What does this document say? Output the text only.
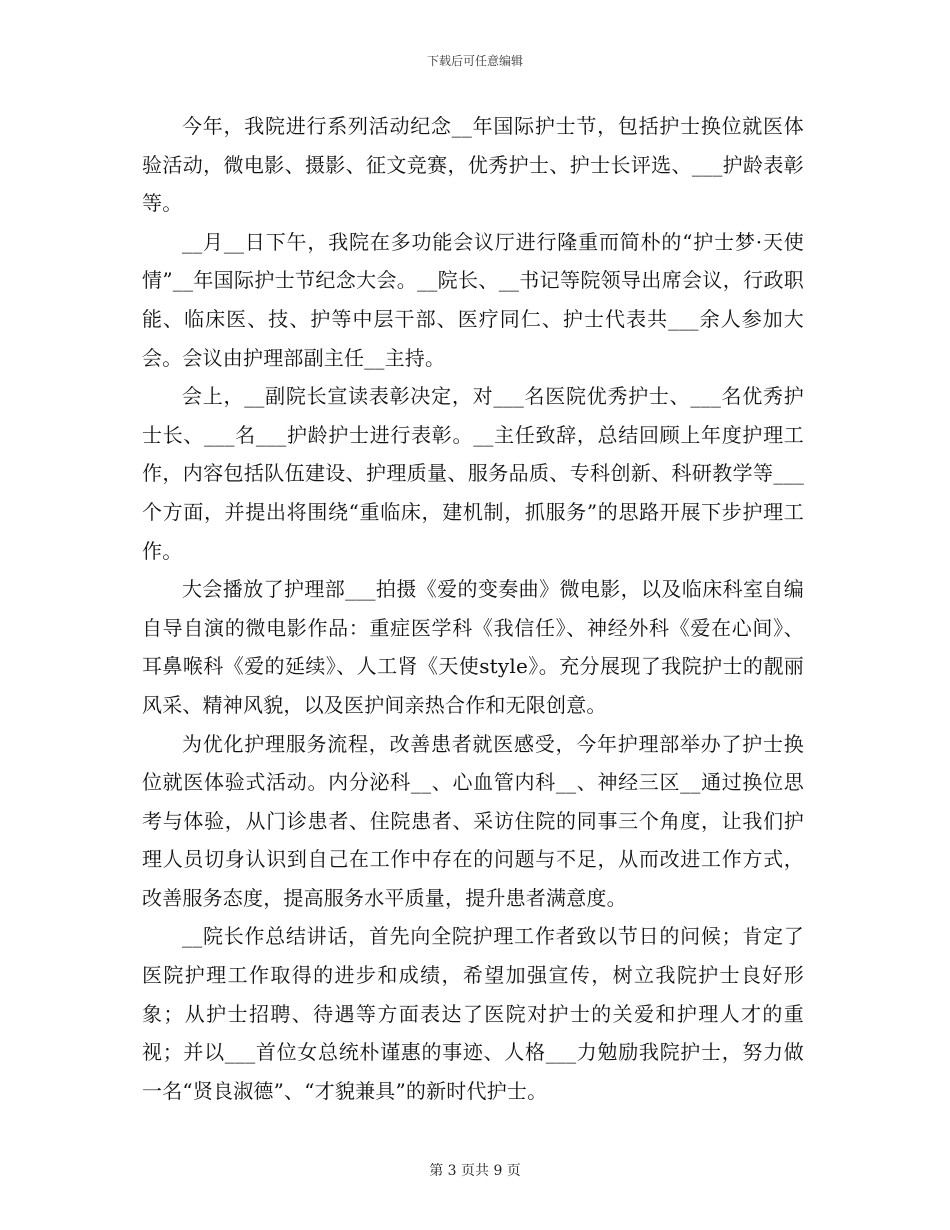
下载后可任意编辑

今年，我院进行系列活动纪念__年国际护士节，包括护士换位就医体验活动，微电影、摄影、征文竞赛，优秀护士、护士长评选、___护龄表彰等。

__月__日下午，我院在多功能会议厅进行隆重而简朴的“护士梦·天使情”__年国际护士节纪念大会。__院长、__书记等院领导出席会议，行政职能、临床医、技、护等中层干部、医疗同仁、护士代表共___余人参加大会。会议由护理部副主任__主持。

会上，__副院长宣读表彰决定，对___名医院优秀护士、___名优秀护士长、___名___护龄护士进行表彰。__主任致辞，总结回顾上年度护理工作，内容包括队伍建设、护理质量、服务品质、专科创新、科研教学等___个方面，并提出将围绕“重临床，建机制，抓服务”的思路开展下步护理工作。

大会播放了护理部___拍摄《爱的变奏曲》微电影，以及临床科室自编自导自演的微电影作品：重症医学科《我信任》、神经外科《爱在心间》、耳鼻喉科《爱的延续》、人工肾《天使style》。充分展现了我院护士的靓丽风采、精神风貌，以及医护间亲热合作和无限创意。

为优化护理服务流程，改善患者就医感受，今年护理部举办了护士换位就医体验式活动。内分泌科__、心血管内科__、神经三区__通过换位思考与体验，从门诊患者、住院患者、采访住院的同事三个角度，让我们护理人员切身认识到自己在工作中存在的问题与不足，从而改进工作方式，改善服务态度，提高服务水平质量，提升患者满意度。

__院长作总结讲话，首先向全院护理工作者致以节日的问候；肯定了医院护理工作取得的进步和成绩，希望加强宣传，树立我院护士良好形象；从护士招聘、待遇等方面表达了医院对护士的关爱和护理人才的重视；并以___首位女总统朴谨惠的事迹、人格___力勉励我院护士，努力做一名“贤良淑德”、“才貌兼具”的新时代护士。

第 3 页共 9 页
